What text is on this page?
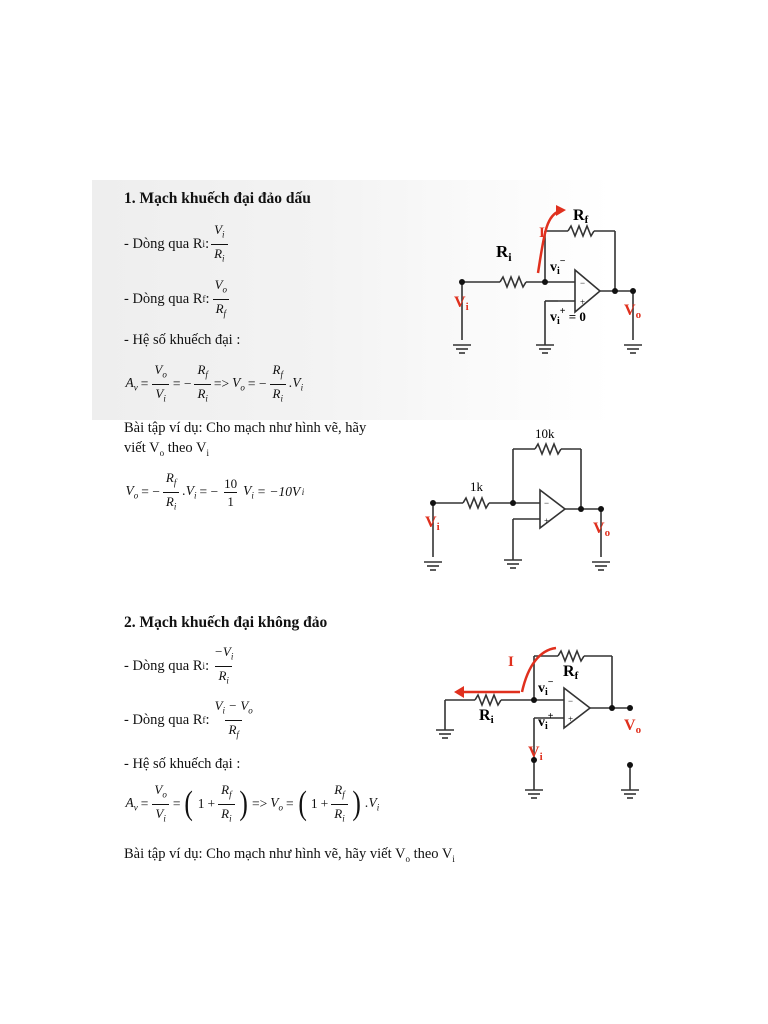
1. Mạch khuếch đại đảo dấu
- Dòng qua R i : $\frac{V_i}{R_i}$
- Dòng qua R f : $\frac{V_o}{R_f}$
- Hệ số khuếch đại :
$A_v = \frac{V_o}{V_i}$ = − $\frac{R_f}{R_i} => V_o$ = − $\frac{R_f}{R_i} .V_i$
Bài tập ví dụ: Cho mạch như hình vẽ, hãy
viết $V_o$ theo $V_i$
$V_o$ = − $\frac{R_f}{R_i} .V_i$ = − $\frac{10}{1} V_i = -10V$ i
−
+
I
Rf
$R_i$
$v_i^-$
$v_i^+ = 0$
Vi	Vo
−
+
10k
1k
Vi	Vo
2. Mạch khuếch đại không đảo
- Dòng qua R i : $\frac{-V_i}{R_i}$
- Dòng qua R f : $\frac{V_i - V_o}{R_f}$
- Hệ số khuếch đại :
$A_v = \frac{V_o}{V_i}$ = ( $1 + \frac{R_f}{R_i}$ ) => $V_o$ = ( $1 + \frac{R_f}{R_i}$ ) $.V_i$
Bài tập ví dụ: Cho mạch như hình vẽ, hãy viết $V_o$ theo $V_i$
−
+
I
Rf
Ri
$v_i^-$
$v_i^+$
Vi
Vo
